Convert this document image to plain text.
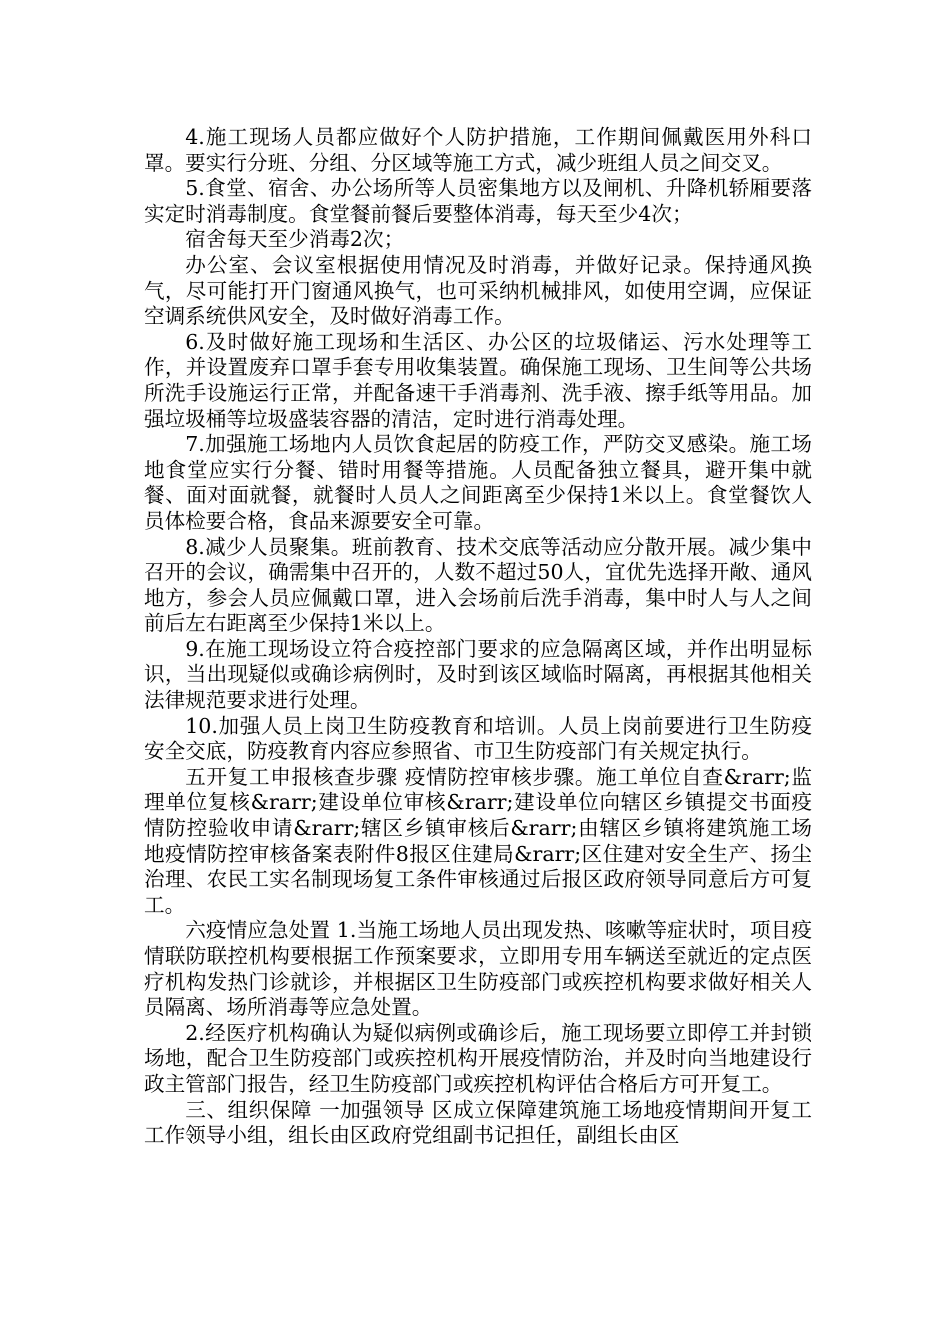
4.施工现场人员都应做好个人防护措施，工作期间佩戴医用外科口罩。要实行分班、分组、分区域等施工方式，减少班组人员之间交叉。

5.食堂、宿舍、办公场所等人员密集地方以及闸机、升降机轿厢要落实定时消毒制度。食堂餐前餐后要整体消毒，每天至少4次；

宿舍每天至少消毒2次；

办公室、会议室根据使用情况及时消毒，并做好记录。保持通风换气，尽可能打开门窗通风换气，也可采纳机械排风，如使用空调，应保证空调系统供风安全，及时做好消毒工作。

6.及时做好施工现场和生活区、办公区的垃圾储运、污水处理等工作，并设置废弃口罩手套专用收集装置。确保施工现场、卫生间等公共场所洗手设施运行正常，并配备速干手消毒剂、洗手液、擦手纸等用品。加强垃圾桶等垃圾盛装容器的清洁，定时进行消毒处理。

7.加强施工场地内人员饮食起居的防疫工作，严防交叉感染。施工场地食堂应实行分餐、错时用餐等措施。人员配备独立餐具，避开集中就餐、面对面就餐，就餐时人员人之间距离至少保持1米以上。食堂餐饮人员体检要合格，食品来源要安全可靠。

8.减少人员聚集。班前教育、技术交底等活动应分散开展。减少集中召开的会议，确需集中召开的，人数不超过50人，宜优先选择开敞、通风地方，参会人员应佩戴口罩，进入会场前后洗手消毒，集中时人与人之间前后左右距离至少保持1米以上。

9.在施工现场设立符合疫控部门要求的应急隔离区域，并作出明显标识，当出现疑似或确诊病例时，及时到该区域临时隔离，再根据其他相关法律规范要求进行处理。

10.加强人员上岗卫生防疫教育和培训。人员上岗前要进行卫生防疫安全交底，防疫教育内容应参照省、市卫生防疫部门有关规定执行。

五开复工申报核查步骤 疫情防控审核步骤。施工单位自查&rarr;监理单位复核&rarr;建设单位审核&rarr;建设单位向辖区乡镇提交书面疫情防控验收申请&rarr;辖区乡镇审核后&rarr;由辖区乡镇将建筑施工场地疫情防控审核备案表附件8报区住建局&rarr;区住建对安全生产、扬尘治理、农民工实名制现场复工条件审核通过后报区政府领导同意后方可复工。

六疫情应急处置 1.当施工场地人员出现发热、咳嗽等症状时，项目疫情联防联控机构要根据工作预案要求，立即用专用车辆送至就近的定点医疗机构发热门诊就诊，并根据区卫生防疫部门或疾控机构要求做好相关人员隔离、场所消毒等应急处置。

2.经医疗机构确认为疑似病例或确诊后，施工现场要立即停工并封锁场地，配合卫生防疫部门或疾控机构开展疫情防治，并及时向当地建设行政主管部门报告，经卫生防疫部门或疾控机构评估合格后方可开复工。

三、组织保障 一加强领导 区成立保障建筑施工场地疫情期间开复工工作领导小组，组长由区政府党组副书记担任，副组长由区
